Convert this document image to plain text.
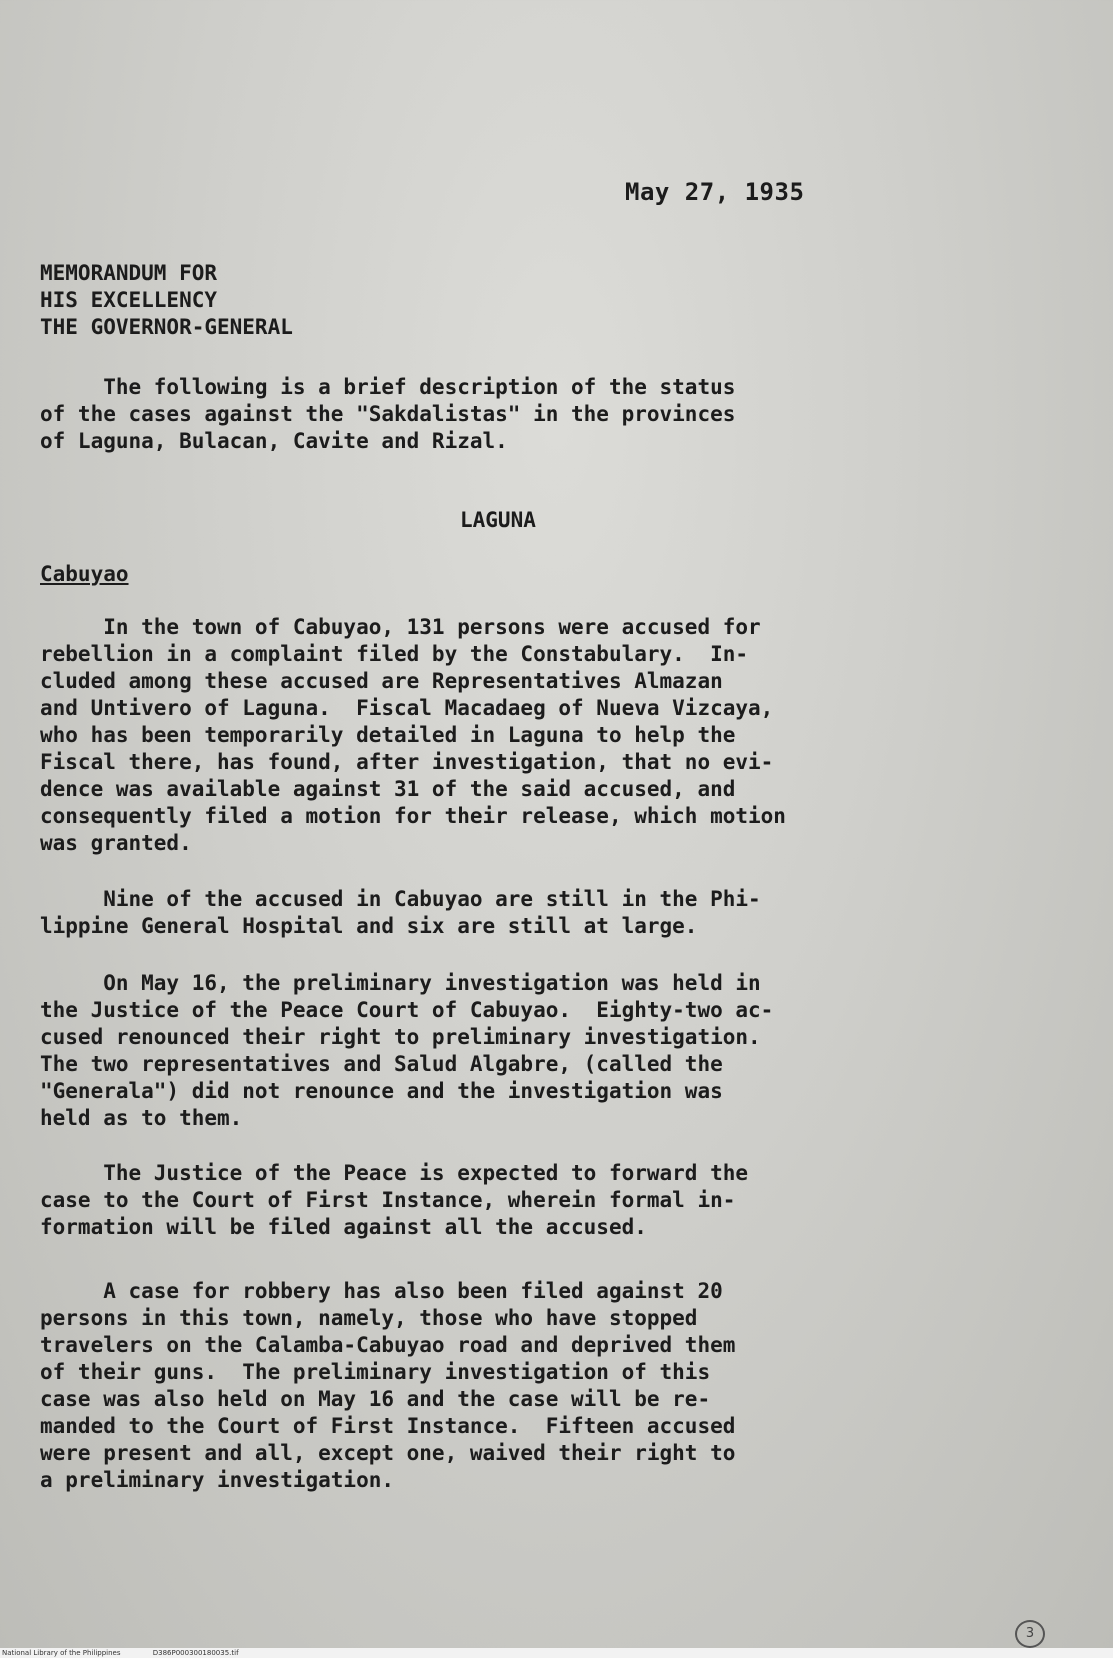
May 27, 1935
MEMORANDUM FOR
HIS EXCELLENCY
THE GOVERNOR-GENERAL
The following is a brief description of the status
of the cases against the "Sakdalistas" in the provinces
of Laguna, Bulacan, Cavite and Rizal.
LAGUNA
Cabuyao
In the town of Cabuyao, 131 persons were accused for
rebellion in a complaint filed by the Constabulary.  In-
cluded among these accused are Representatives Almazan
and Untivero of Laguna.  Fiscal Macadaeg of Nueva Vizcaya,
who has been temporarily detailed in Laguna to help the
Fiscal there, has found, after investigation, that no evi-
dence was available against 31 of the said accused, and
consequently filed a motion for their release, which motion
was granted.
Nine of the accused in Cabuyao are still in the Phi-
lippine General Hospital and six are still at large.
On May 16, the preliminary investigation was held in
the Justice of the Peace Court of Cabuyao.  Eighty-two ac-
cused renounced their right to preliminary investigation.
The two representatives and Salud Algabre, (called the
"Generala") did not renounce and the investigation was
held as to them.
The Justice of the Peace is expected to forward the
case to the Court of First Instance, wherein formal in-
formation will be filed against all the accused.
A case for robbery has also been filed against 20
persons in this town, namely, those who have stopped
travelers on the Calamba-Cabuyao road and deprived them
of their guns.  The preliminary investigation of this
case was also held on May 16 and the case will be re-
manded to the Court of First Instance.  Fifteen accused
were present and all, except one, waived their right to
a preliminary investigation.
3
National Library of the Philippines	D386P000300180035.tif
